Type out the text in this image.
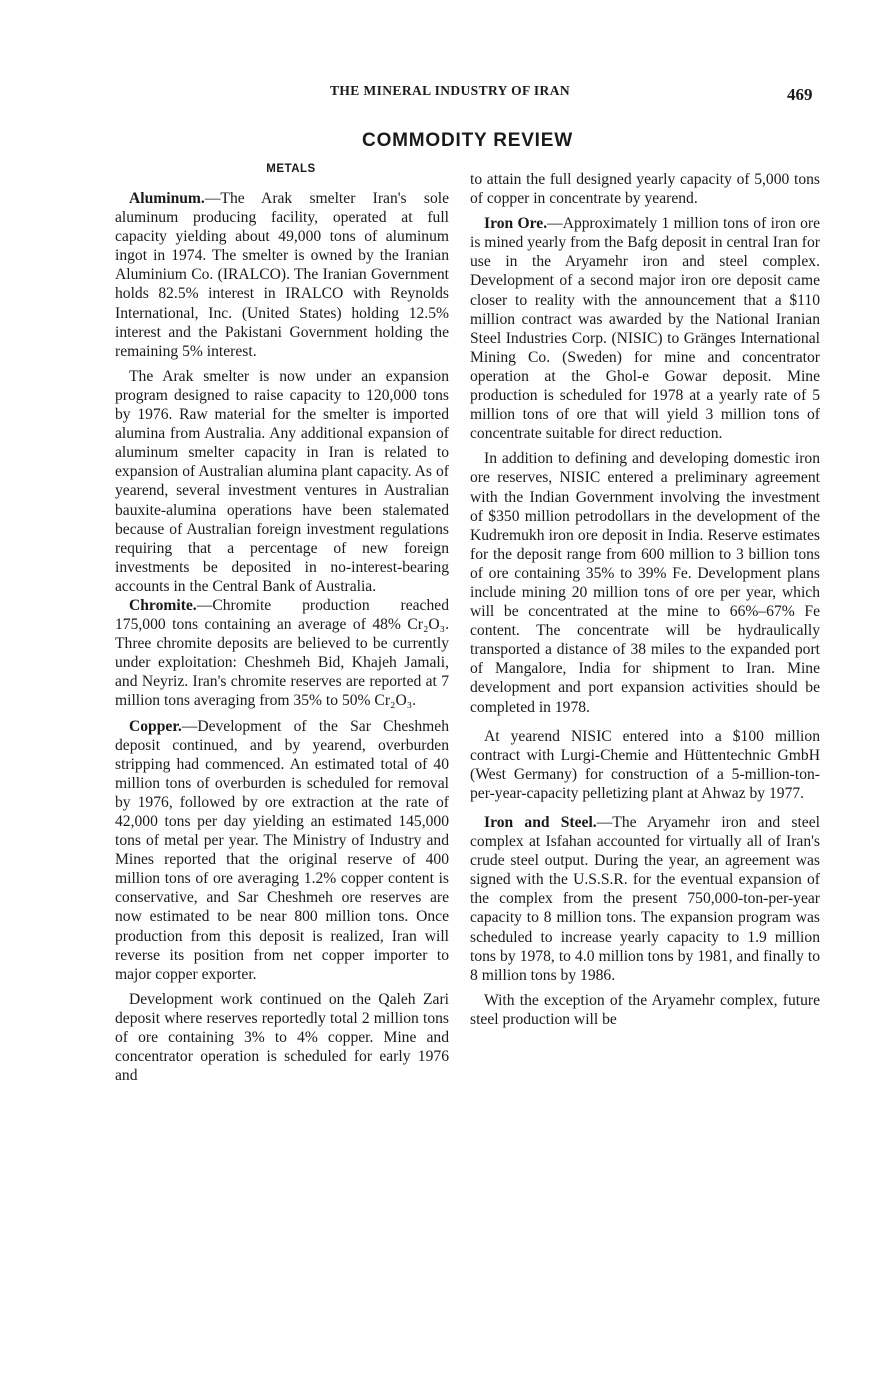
THE MINERAL INDUSTRY OF IRAN	469
COMMODITY REVIEW
METALS

Aluminum.—The Arak smelter Iran's sole aluminum producing facility, operated at full capacity yielding about 49,000 tons of aluminum ingot in 1974. The smelter is owned by the Iranian Aluminium Co. (IRALCO). The Iranian Government holds 82.5% interest in IRALCO with Reynolds International, Inc. (United States) holding 12.5% interest and the Pakistani Government holding the remaining 5% interest.

The Arak smelter is now under an expansion program designed to raise capacity to 120,000 tons by 1976. Raw material for the smelter is imported alumina from Australia. Any additional expansion of aluminum smelter capacity in Iran is related to expansion of Australian alumina plant capacity. As of yearend, several investment ventures in Australian bauxite-alumina operations have been stalemated because of Australian foreign investment regulations requiring that a percentage of new foreign investments be deposited in no-interest-bearing accounts in the Central Bank of Australia.

Chromite.—Chromite production reached 175,000 tons containing an average of 48% Cr₂O₃. Three chromite deposits are believed to be currently under exploitation: Cheshmeh Bid, Khajeh Jamali, and Neyriz. Iran's chromite reserves are reported at 7 million tons averaging from 35% to 50% Cr₂O₃.

Copper.—Development of the Sar Cheshmeh deposit continued, and by yearend, overburden stripping had commenced. An estimated total of 40 million tons of overburden is scheduled for removal by 1976, followed by ore extraction at the rate of 42,000 tons per day yielding an estimated 145,000 tons of metal per year. The Ministry of Industry and Mines reported that the original reserve of 400 million tons of ore averaging 1.2% copper content is conservative, and Sar Cheshmeh ore reserves are now estimated to be near 800 million tons. Once production from this deposit is realized, Iran will reverse its position from net copper importer to major copper exporter.

Development work continued on the Qaleh Zari deposit where reserves reportedly total 2 million tons of ore containing 3% to 4% copper. Mine and concentrator operation is scheduled for early 1976 and

to attain the full designed yearly capacity of 5,000 tons of copper in concentrate by yearend.

Iron Ore.—Approximately 1 million tons of iron ore is mined yearly from the Bafg deposit in central Iran for use in the Aryamehr iron and steel complex. Development of a second major iron ore deposit came closer to reality with the announcement that a $110 million contract was awarded by the National Iranian Steel Industries Corp. (NISIC) to Gränges International Mining Co. (Sweden) for mine and concentrator operation at the Ghol-e Gowar deposit. Mine production is scheduled for 1978 at a yearly rate of 5 million tons of ore that will yield 3 million tons of concentrate suitable for direct reduction.

In addition to defining and developing domestic iron ore reserves, NISIC entered a preliminary agreement with the Indian Government involving the investment of $350 million petrodollars in the development of the Kudremukh iron ore deposit in India. Reserve estimates for the deposit range from 600 million to 3 billion tons of ore containing 35% to 39% Fe. Development plans include mining 20 million tons of ore per year, which will be concentrated at the mine to 66%–67% Fe content. The concentrate will be hydraulically transported a distance of 38 miles to the expanded port of Mangalore, India for shipment to Iran. Mine development and port expansion activities should be completed in 1978.

At yearend NISIC entered into a $100 million contract with Lurgi-Chemie and Hüttentechnic GmbH (West Germany) for construction of a 5-million-ton-per-year-capacity pelletizing plant at Ahwaz by 1977.

Iron and Steel.—The Aryamehr iron and steel complex at Isfahan accounted for virtually all of Iran's crude steel output. During the year, an agreement was signed with the U.S.S.R. for the eventual expansion of the complex from the present 750,000-ton-per-year capacity to 8 million tons. The expansion program was scheduled to increase yearly capacity to 1.9 million tons by 1978, to 4.0 million tons by 1981, and finally to 8 million tons by 1986.

With the exception of the Aryamehr complex, future steel production will be
